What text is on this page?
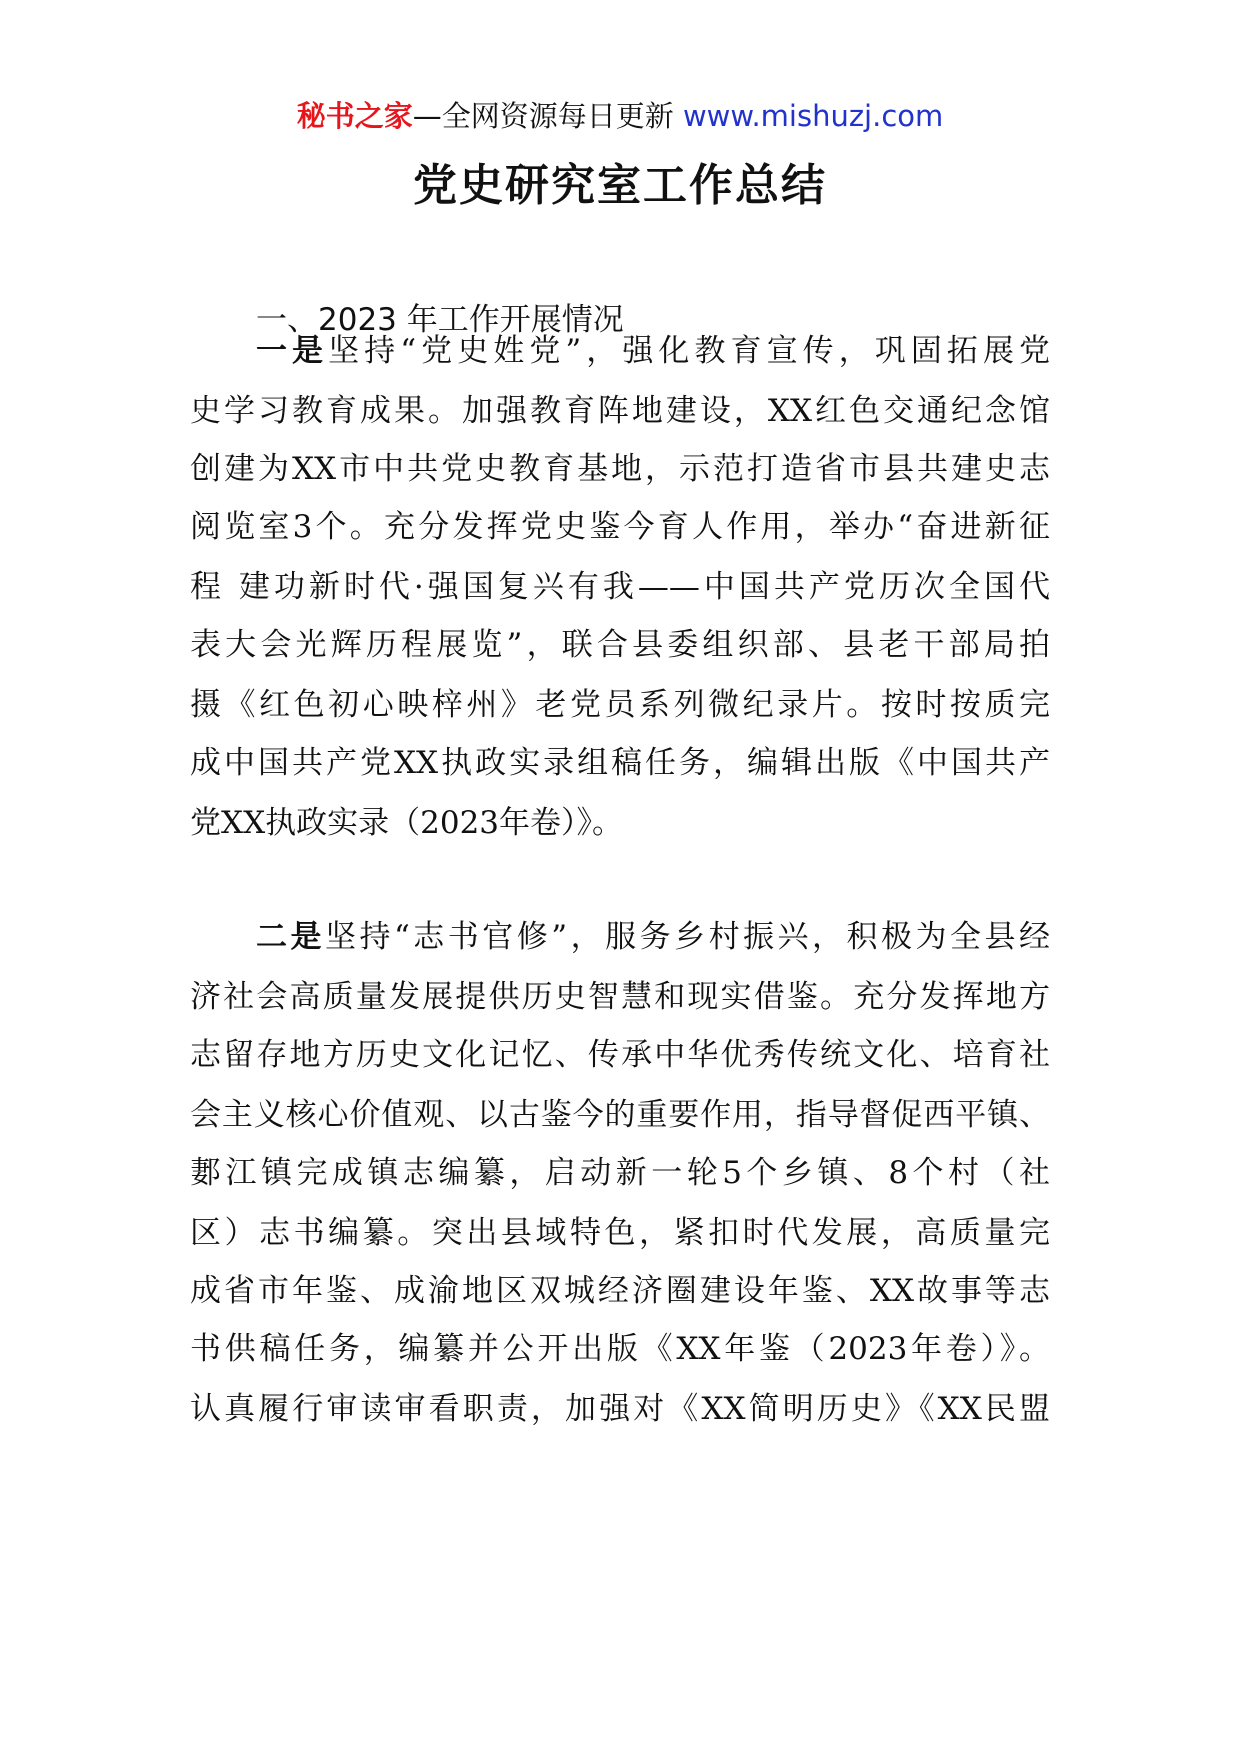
秘书之家—全网资源每日更新 www.mishuzj.com
党史研究室工作总结
一、2023 年工作开展情况
一是坚持“党史姓党”，强化教育宣传，巩固拓展党
史学习教育成果。加强教育阵地建设，XX红色交通纪念馆
创建为XX市中共党史教育基地，示范打造省市县共建史志
阅览室3个。充分发挥党史鉴今育人作用，举办“奋进新征
程 建功新时代·强国复兴有我——中国共产党历次全国代
表大会光辉历程展览”，联合县委组织部、县老干部局拍
摄《红色初心映梓州》老党员系列微纪录片。按时按质完
成中国共产党XX执政实录组稿任务，编辑出版《中国共产
党XX执政实录（2023年卷）》。
二是坚持“志书官修”，服务乡村振兴，积极为全县经
济社会高质量发展提供历史智慧和现实借鉴。充分发挥地方
志留存地方历史文化记忆、传承中华优秀传统文化、培育社
会主义核心价值观、以古鉴今的重要作用，指导督促西平镇、
郪江镇完成镇志编纂，启动新一轮5个乡镇、8个村（社
区）志书编纂。突出县域特色，紧扣时代发展，高质量完
成省市年鉴、成渝地区双城经济圈建设年鉴、XX故事等志
书供稿任务，编纂并公开出版《XX年鉴（2023年卷）》。
认真履行审读审看职责，加强对《XX简明历史》《XX民盟
